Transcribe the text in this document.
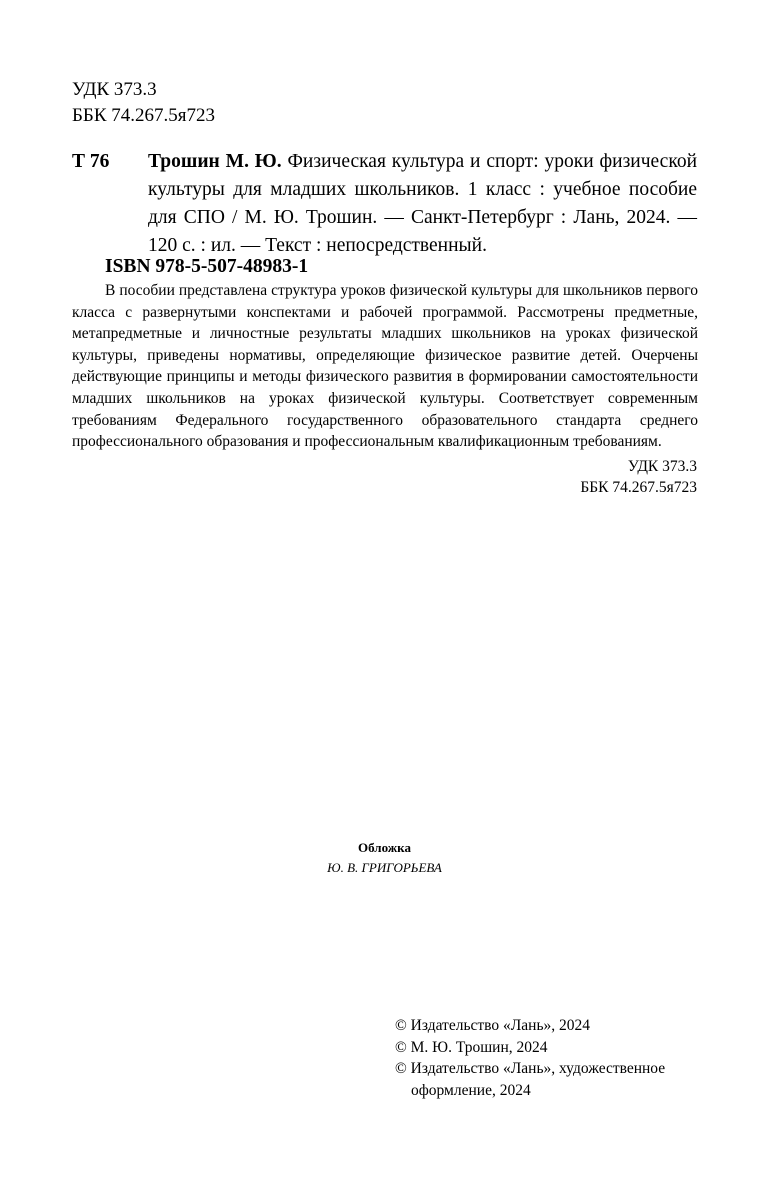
УДК 373.3
ББК 74.267.5я723
Т 76 Трошин М. Ю. Физическая культура и спорт: уроки физической культуры для младших школьников. 1 класс : учебное пособие для СПО / М. Ю. Трошин. — Санкт-Петербург : Лань, 2024. — 120 с. : ил. — Текст : непосредственный.
ISBN 978-5-507-48983-1
В пособии представлена структура уроков физической культуры для школьников первого класса с развернутыми конспектами и рабочей программой. Рассмотрены предметные, метапредметные и личностные результаты младших школьников на уроках физической культуры, приведены нормативы, определяющие физическое развитие детей. Очерчены действующие принципы и методы физического развития в формировании самостоятельности младших школьников на уроках физической культуры. Соответствует современным требованиям Федерального государственного образовательного стандарта среднего профессионального образования и профессиональным квалификационным требованиям.
УДК 373.3
ББК 74.267.5я723
Обложка
Ю. В. ГРИГОРЬЕВА
© Издательство «Лань», 2024
© М. Ю. Трошин, 2024
© Издательство «Лань», художественное оформление, 2024
